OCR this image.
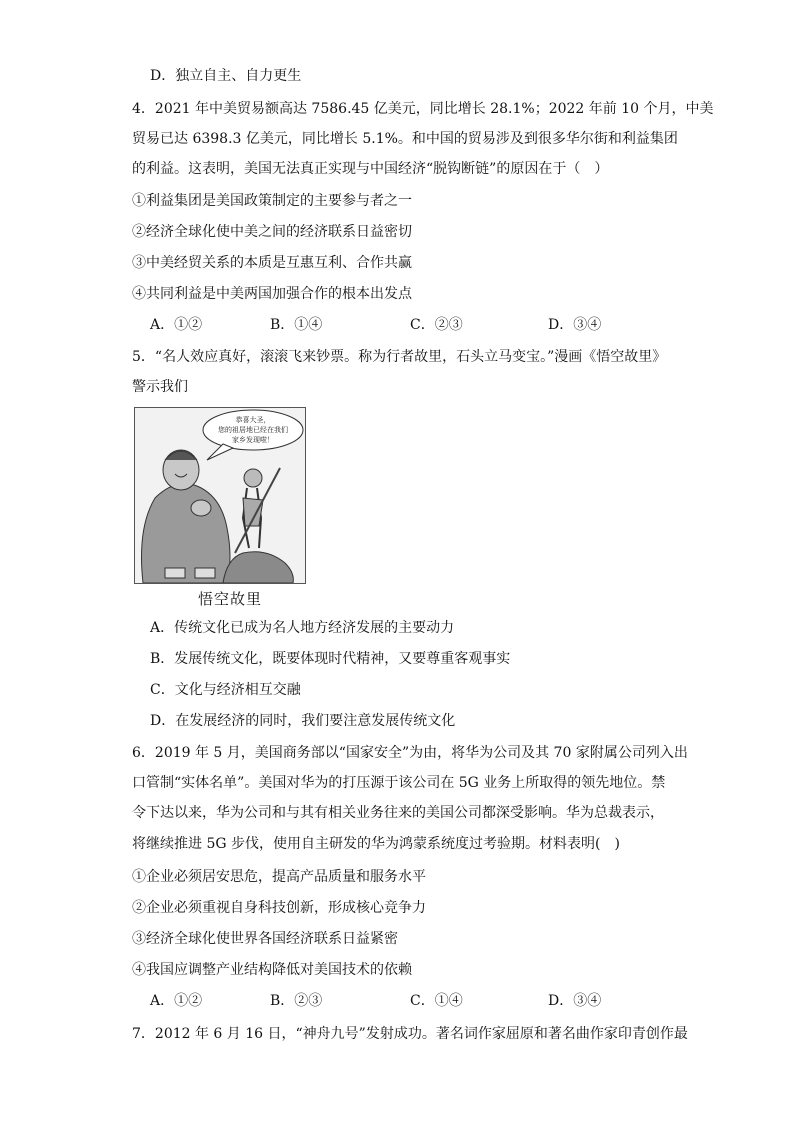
D．独立自主、自力更生
4．2021 年中美贸易额高达 7586.45 亿美元，同比增长 28.1%；2022 年前 10 个月，中美
贸易已达 6398.3 亿美元，同比增长 5.1%。和中国的贸易涉及到很多华尔街和利益集团
的利益。这表明，美国无法真正实现与中国经济“脱钩断链”的原因在于（　）
①利益集团是美国政策制定的主要参与者之一
②经济全球化使中美之间的经济联系日益密切
③中美经贸关系的本质是互惠互利、合作共赢
④共同利益是中美两国加强合作的根本出发点
A．①②	B．①④	C．②③	D．③④
5．“名人效应真好，滚滚飞来钞票。称为行者故里，石头立马变宝。”漫画《悟空故里》
警示我们
恭喜大圣，
您的祖居地已经在我们
家乡发现啦！
悟空故里
A．传统文化已成为名人地方经济发展的主要动力
B．发展传统文化，既要体现时代精神，又要尊重客观事实
C．文化与经济相互交融
D．在发展经济的同时，我们要注意发展传统文化
6．2019 年 5 月，美国商务部以“国家安全”为由，将华为公司及其 70 家附属公司列入出
口管制“实体名单”。美国对华为的打压源于该公司在 5G 业务上所取得的领先地位。禁
令下达以来，华为公司和与其有相关业务往来的美国公司都深受影响。华为总裁表示，
将继续推进 5G 步伐，使用自主研发的华为鸿蒙系统度过考验期。材料表明(　)
①企业必须居安思危，提高产品质量和服务水平
②企业必须重视自身科技创新，形成核心竞争力
③经济全球化使世界各国经济联系日益紧密
④我国应调整产业结构降低对美国技术的依赖
A．①②	B．②③	C．①④	D．③④
7．2012 年 6 月 16 日，“神舟九号”发射成功。著名词作家屈原和著名曲作家印青创作最
